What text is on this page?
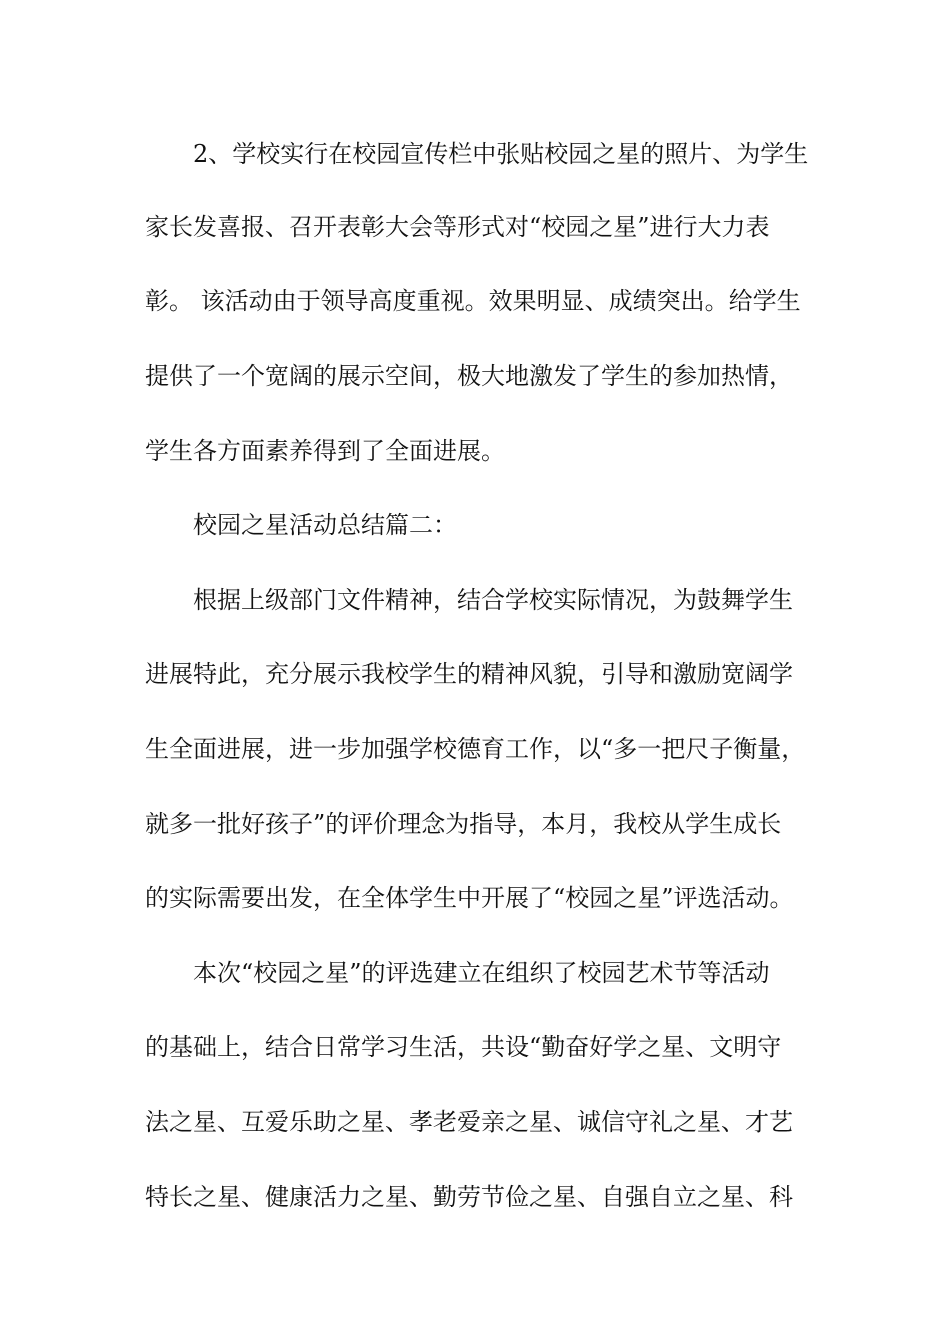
2、学校实行在校园宣传栏中张贴校园之星的照片、为学生

家长发喜报、召开表彰大会等形式对“校园之星”进行大力表

彰。 该活动由于领导高度重视。效果明显、成绩突出。给学生

提供了一个宽阔的展示空间，极大地激发了学生的参加热情，

学生各方面素养得到了全面进展。

校园之星活动总结篇二：

根据上级部门文件精神，结合学校实际情况，为鼓舞学生

进展特此，充分展示我校学生的精神风貌，引导和激励宽阔学

生全面进展，进一步加强学校德育工作，以“多一把尺子衡量，

就多一批好孩子”的评价理念为指导，本月，我校从学生成长

的实际需要出发，在全体学生中开展了“校园之星”评选活动。

本次“校园之星”的评选建立在组织了校园艺术节等活动

的基础上，结合日常学习生活，共设“勤奋好学之星、文明守

法之星、互爱乐助之星、孝老爱亲之星、诚信守礼之星、才艺

特长之星、健康活力之星、勤劳节俭之星、自强自立之星、科
